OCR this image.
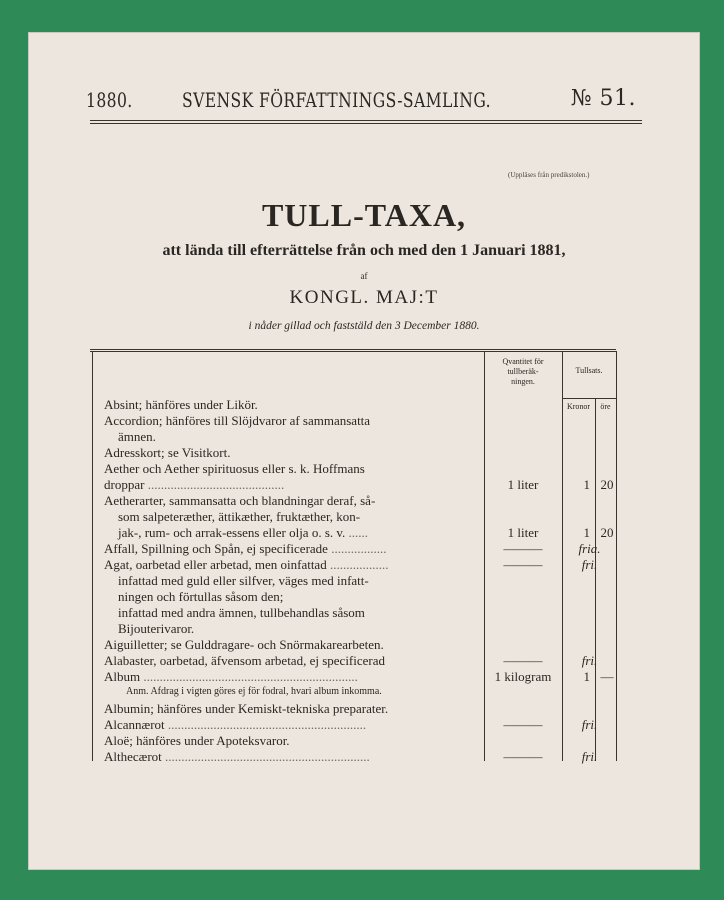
1880. SVENSK FÖRFATTNINGS-SAMLING.	№ 51.
(Uppläses från predikstolen.)
TULL-TAXA,
att lända till efterrättelse från och med den 1 Januari 1881,
af
KONGL. MAJ:T
i nåder gillad och faststäld den 3 December 1880.
Qvantitet för
tullberäk-
ningen.
Tullsats.
Kronor	öre
Absint; hänföres under Likör.
Accordion; hänföres till Slöjdvaror af sammansatta
ämnen.
Adresskort; se Visitkort.
Aether och Aether spirituosus eller s. k. Hoffmans
droppar ..........................................	1 liter	1 20
Aetherarter, sammansatta och blandningar deraf, så-
som salpeteræther, ättikæther, fruktæther, kon-
jak-, rum- och arrak-essens eller olja o. s. v. ......	1 liter	1 20
Affall, Spillning och Spån, ej specificerade .................	———	fria.
Agat, oarbetad eller arbetad, men oinfattad ..................	———	fri.
infattad med guld eller silfver, väges med infatt-
ningen och förtullas såsom den;
infattad med andra ämnen, tullbehandlas såsom
Bijouterivaror.
Aiguilletter; se Gulddragare- och Snörmakarearbeten.
Alabaster, oarbetad, äfvensom arbetad, ej specificerad	———	fri.
Album ..................................................................	1 kilogram	1 —
Anm. Afdrag i vigten göres ej för fodral, hvari album inkomma.
Albumin; hänföres under Kemiskt-tekniska preparater.
Alcannærot .............................................................	———	fri.
Aloë; hänföres under Apoteksvaror.
Althecærot ...............................................................	———	fri.
